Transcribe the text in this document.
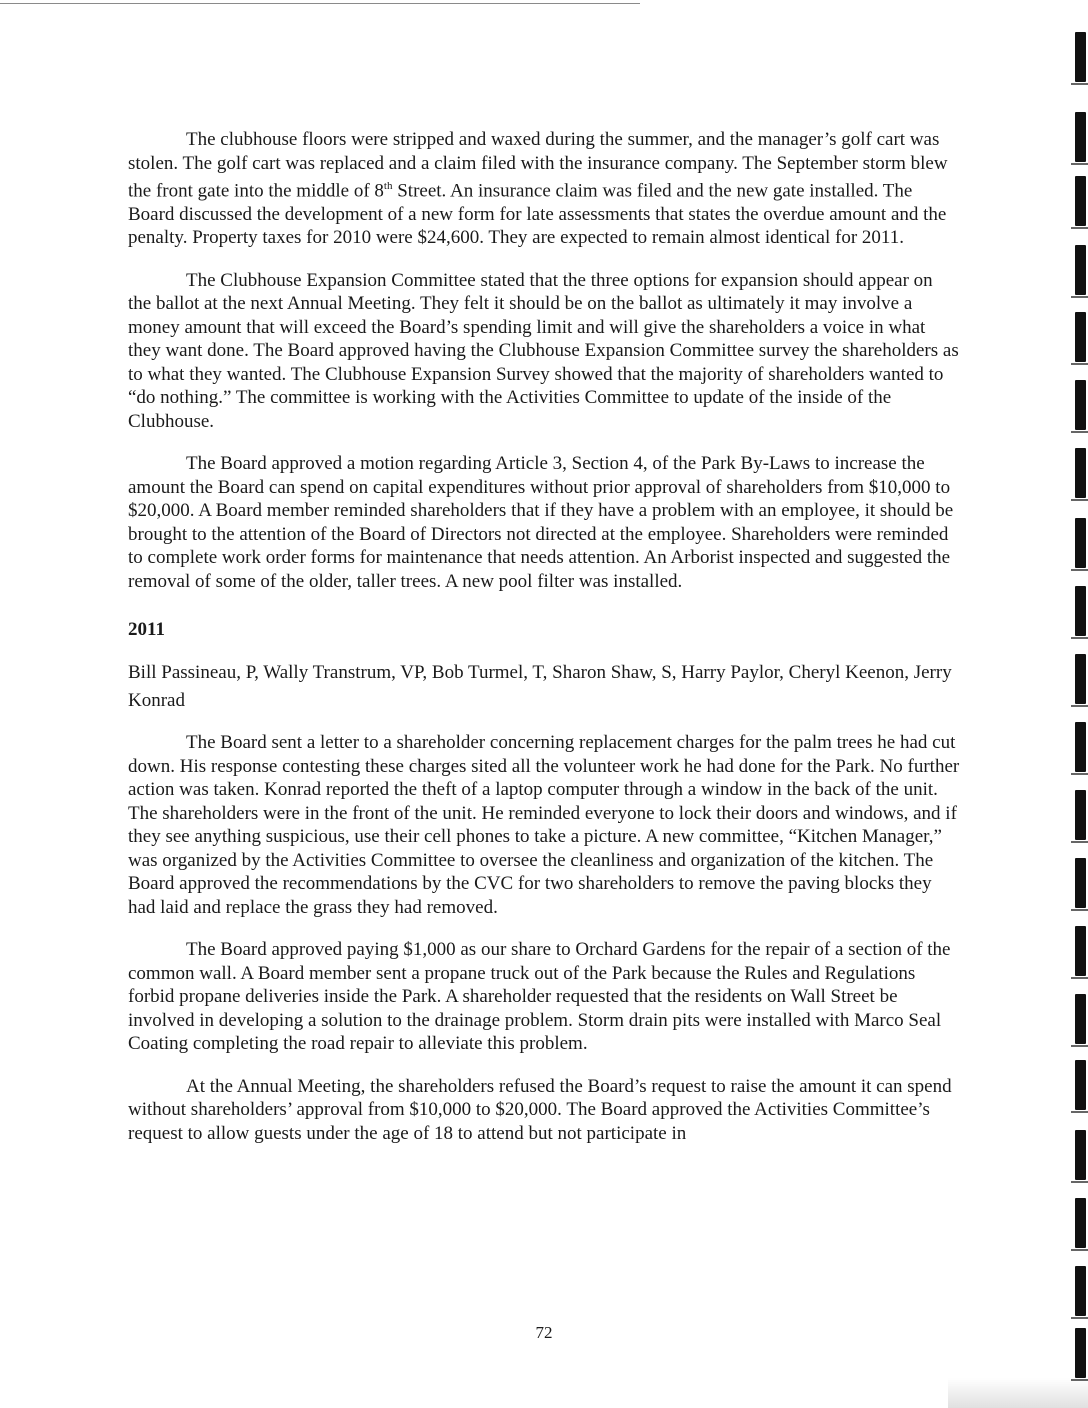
The clubhouse floors were stripped and waxed during the summer, and the manager’s golf cart was stolen. The golf cart was replaced and a claim filed with the insurance company. The September storm blew the front gate into the middle of 8th Street. An insurance claim was filed and the new gate installed. The Board discussed the development of a new form for late assessments that states the overdue amount and the penalty. Property taxes for 2010 were $24,600. They are expected to remain almost identical for 2011.

The Clubhouse Expansion Committee stated that the three options for expansion should appear on the ballot at the next Annual Meeting. They felt it should be on the ballot as ultimately it may involve a money amount that will exceed the Board’s spending limit and will give the shareholders a voice in what they want done. The Board approved having the Clubhouse Expansion Committee survey the shareholders as to what they wanted. The Clubhouse Expansion Survey showed that the majority of shareholders wanted to “do nothing.” The committee is working with the Activities Committee to update of the inside of the Clubhouse.

The Board approved a motion regarding Article 3, Section 4, of the Park By-Laws to increase the amount the Board can spend on capital expenditures without prior approval of shareholders from $10,000 to $20,000. A Board member reminded shareholders that if they have a problem with an employee, it should be brought to the attention of the Board of Directors not directed at the employee. Shareholders were reminded to complete work order forms for maintenance that needs attention. An Arborist inspected and suggested the removal of some of the older, taller trees. A new pool filter was installed.

2011

Bill Passineau, P, Wally Transtrum, VP, Bob Turmel, T, Sharon Shaw, S, Harry Paylor, Cheryl Keenon, Jerry Konrad

The Board sent a letter to a shareholder concerning replacement charges for the palm trees he had cut down. His response contesting these charges sited all the volunteer work he had done for the Park. No further action was taken. Konrad reported the theft of a laptop computer through a window in the back of the unit. The shareholders were in the front of the unit. He reminded everyone to lock their doors and windows, and if they see anything suspicious, use their cell phones to take a picture. A new committee, “Kitchen Manager,” was organized by the Activities Committee to oversee the cleanliness and organization of the kitchen. The Board approved the recommendations by the CVC for two shareholders to remove the paving blocks they had laid and replace the grass they had removed.

The Board approved paying $1,000 as our share to Orchard Gardens for the repair of a section of the common wall. A Board member sent a propane truck out of the Park because the Rules and Regulations forbid propane deliveries inside the Park. A shareholder requested that the residents on Wall Street be involved in developing a solution to the drainage problem. Storm drain pits were installed with Marco Seal Coating completing the road repair to alleviate this problem.

At the Annual Meeting, the shareholders refused the Board’s request to raise the amount it can spend without shareholders’ approval from $10,000 to $20,000. The Board approved the Activities Committee’s request to allow guests under the age of 18 to attend but not participate in

72
